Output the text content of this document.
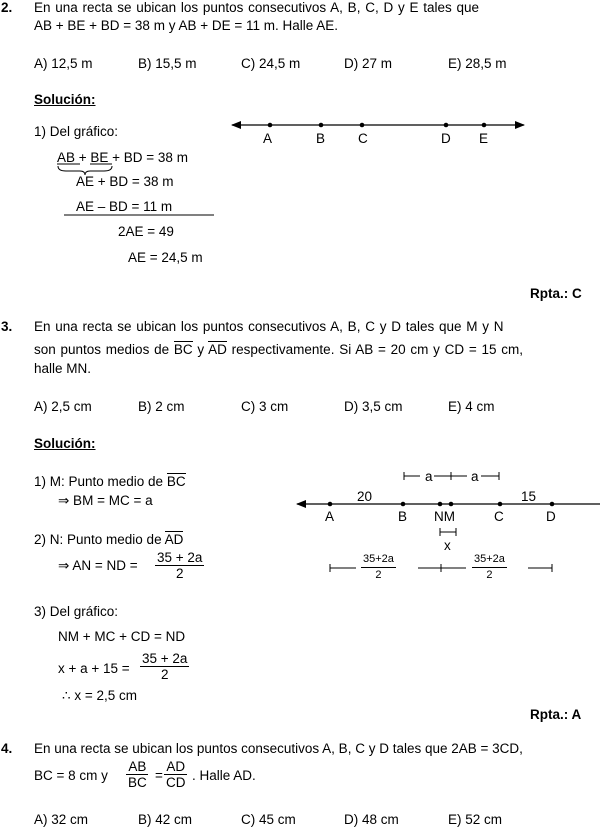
2. En una recta se ubican los puntos consecutivos A, B, C, D y E tales que
AB + BE + BD = 38 m y AB + DE = 11 m. Halle AE.
A) 12,5 m	B) 15,5 m	C) 24,5 m	D) 27 m	E) 28,5 m
Solución:
1) Del gráfico:
AB + BE + BD = 38 m
AE + BD = 38 m
AE – BD = 11 m
2AE = 49
AE = 24,5 m
A	B C	D E
Rpta.: C
3. En una recta se ubican los puntos consecutivos A, B, C y D tales que M y N
son puntos medios de BC y AD respectivamente. Si AB = 20 cm y CD = 15 cm,
halle MN.
A) 2,5 cm	B) 2 cm	C) 3 cm	D) 3,5 cm	E) 4 cm
Solución:
1) M: Punto medio de BC
⇒ BM = MC = a
2) N: Punto medio de AD
⇒ AN = ND = $\frac{35 + 2a}{2}$
3) Del gráfico:
NM + MC + CD = ND
$x + a + 15 = \frac{35 + 2a}{2}$
∴ x = 2,5 cm
a	a
20	15
A	B NM	C	D
x
$\frac{35+2a}{2}$	$\frac{35+2a}{2}$
Rpta.: A
4. En una recta se ubican los puntos consecutivos A, B, C y D tales que 2AB = 3CD,
BC = 8 cm y $\frac{AB}{BC} = \frac{AD}{CD}$ . Halle AD.
A) 32 cm	B) 42 cm	C) 45 cm	D) 48 cm	E) 52 cm
